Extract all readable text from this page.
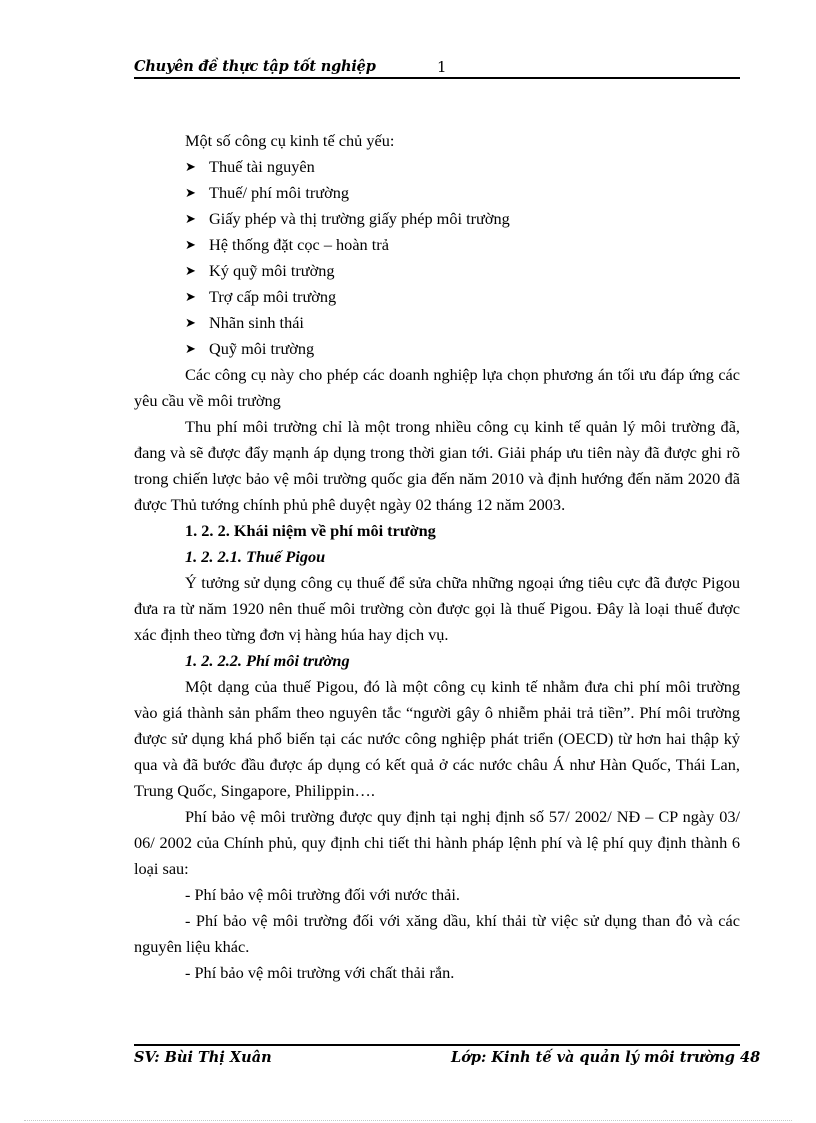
Chuyên đề thực tập tốt nghiệp	1

Một số công cụ kinh tế chủ yếu:

➤ Thuế tài nguyên
➤ Thuế/ phí môi trường
➤ Giấy phép và thị trường giấy phép môi trường
➤ Hệ thống đặt cọc – hoàn trả
➤ Ký quỹ môi trường
➤ Trợ cấp môi trường
➤ Nhãn sinh thái
➤ Quỹ môi trường

Các công cụ này cho phép các doanh nghiệp lựa chọn phương án tối ưu đáp ứng các yêu cầu về môi trường

Thu phí môi trường chỉ là một trong nhiều công cụ kinh tế quản lý môi trường đã, đang và sẽ được đẩy mạnh áp dụng trong thời gian tới. Giải pháp ưu tiên này đã được ghi rõ trong chiến lược bảo vệ môi trường quốc gia đến năm 2010 và định hướng đến năm 2020 đã được Thủ tướng chính phủ phê duyệt ngày 02 tháng 12 năm 2003.

1. 2. 2. Khái niệm về phí môi trường

1. 2. 2.1. Thuế Pigou

Ý tưởng sử dụng công cụ thuế để sửa chữa những ngoại ứng tiêu cực đã được Pigou đưa ra từ năm 1920 nên thuế môi trường còn được gọi là thuế Pigou. Đây là loại thuế được xác định theo từng đơn vị hàng húa hay dịch vụ.

1. 2. 2.2. Phí môi trường

Một dạng của thuế Pigou, đó là một công cụ kinh tế nhằm đưa chi phí môi trường vào giá thành sản phẩm theo nguyên tắc “người gây ô nhiễm phải trả tiền”. Phí môi trường được sử dụng khá phổ biến tại các nước công nghiệp phát triển (OECD) từ hơn hai thập kỷ qua và đã bước đầu được áp dụng có kết quả ở các nước châu Á như Hàn Quốc, Thái Lan, Trung Quốc, Singapore, Philippin….

Phí bảo vệ môi trường được quy định tại nghị định số 57/ 2002/ NĐ – CP ngày 03/ 06/ 2002 của Chính phủ, quy định chi tiết thi hành pháp lệnh phí và lệ phí quy định thành 6 loại sau:

- Phí bảo vệ môi trường đối với nước thải.

- Phí bảo vệ môi trường đối với xăng dầu, khí thải từ việc sử dụng than đỏ và các nguyên liệu khác.

- Phí bảo vệ môi trường với chất thải rắn.

SV: Bùi Thị Xuân	Lớp: Kinh tế và quản lý môi trường 48
